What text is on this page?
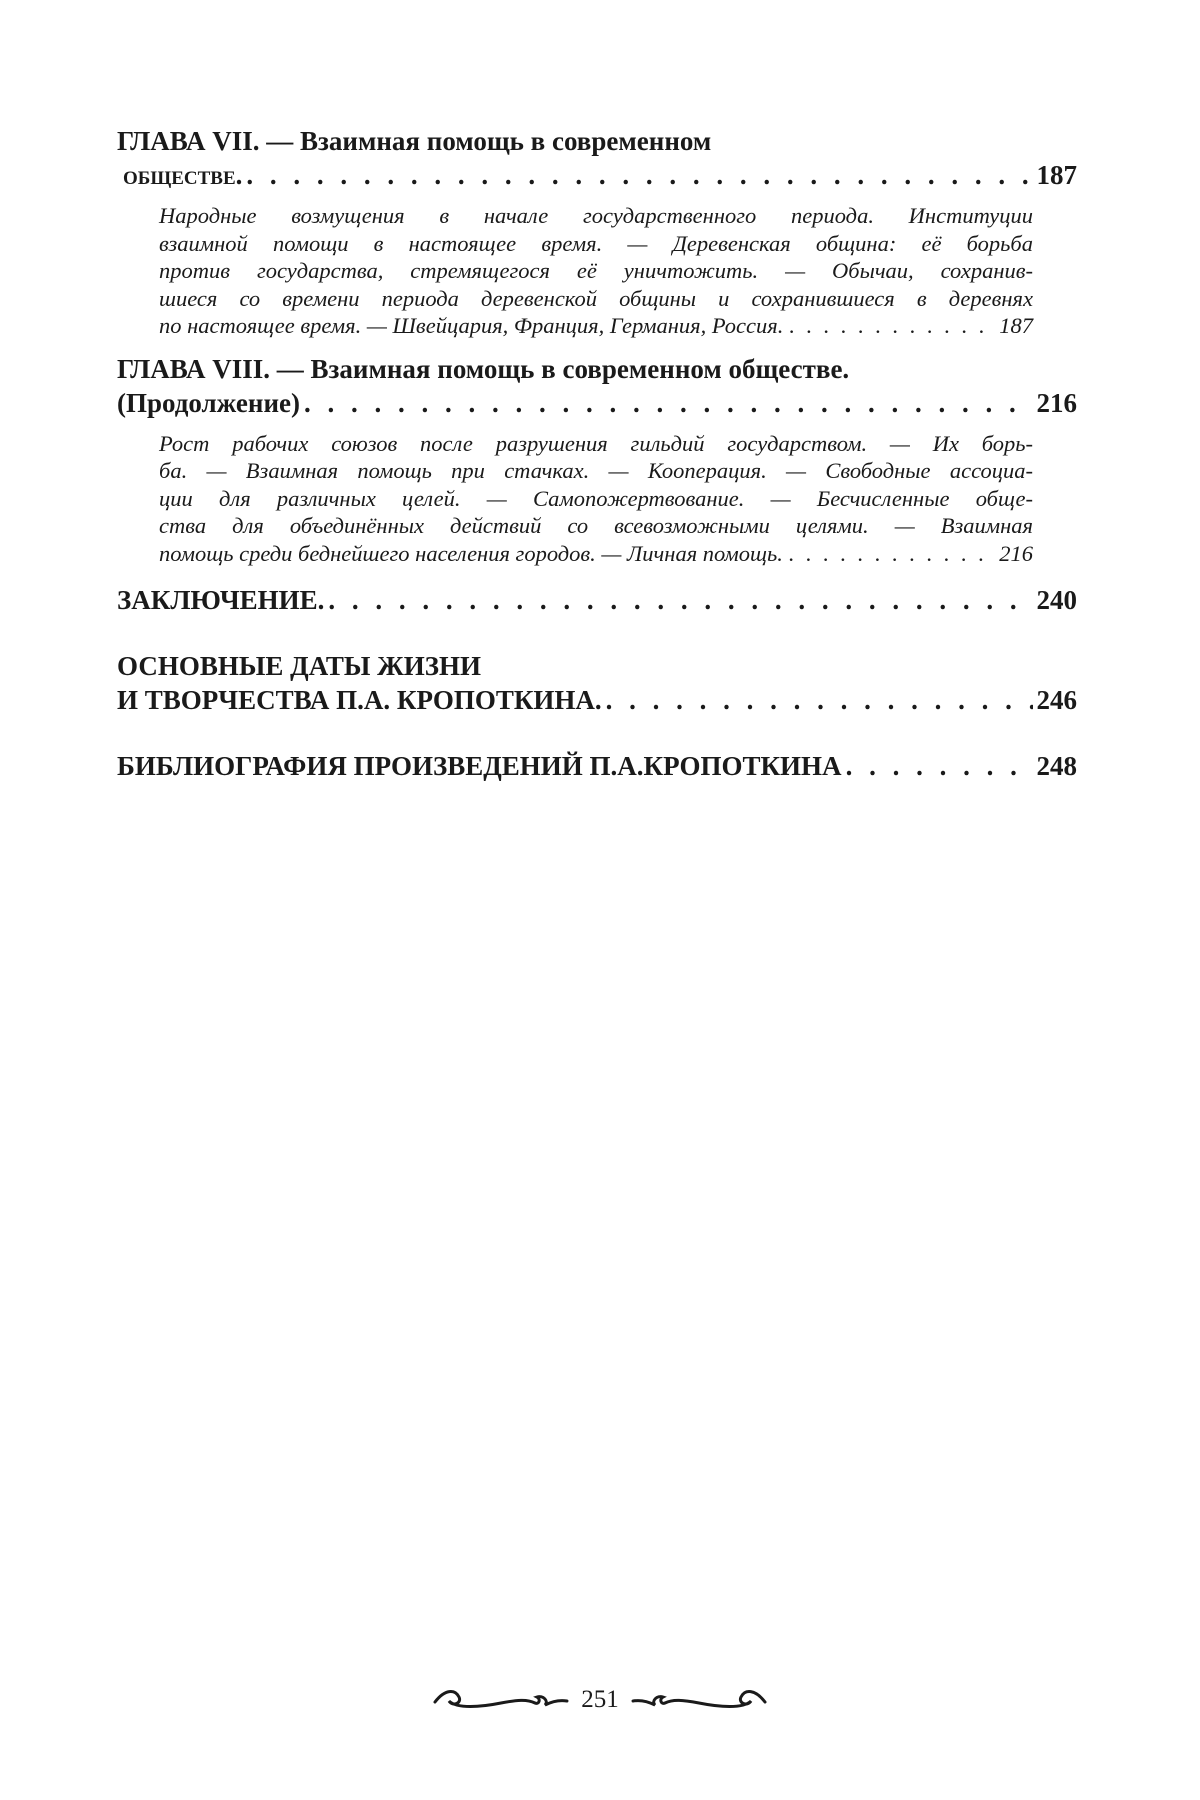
ГЛАВА VII. — Взаимная помощь в современном
обществе. . . .	187
Народные возмущения в начале государственного периода. Институции
взаимной помощи в настоящее время. — Деревенская община: её борьба
против государства, стремящегося её уничтожить. — Обычаи, сохранив-
шиеся со времени периода деревенской общины и сохранившиеся в деревнях
по настоящее время. — Швейцария, Франция, Германия, Россия. . . .	187
ГЛАВА VIII. — Взаимная помощь в современном обществе.
(Продолжение) . . .	216
Рост рабочих союзов после разрушения гильдий государством. — Их борь-
ба. — Взаимная помощь при стачках. — Кооперация. — Свободные ассоциа-
ции для различных целей. — Самопожертвование. — Бесчисленные обще-
ства для объединённых действий со всевозможными целями. — Взаимная
помощь среди беднейшего населения городов. — Личная помощь. . . .	216
ЗАКЛЮЧЕНИЕ. . . .	240
ОСНОВНЫЕ ДАТЫ ЖИЗНИ
И ТВОРЧЕСТВА П.А. КРОПОТКИНА. . . .	246
БИБЛИОГРАФИЯ ПРОИЗВЕДЕНИЙ П.А.КРОПОТКИНА . . .	248
251
